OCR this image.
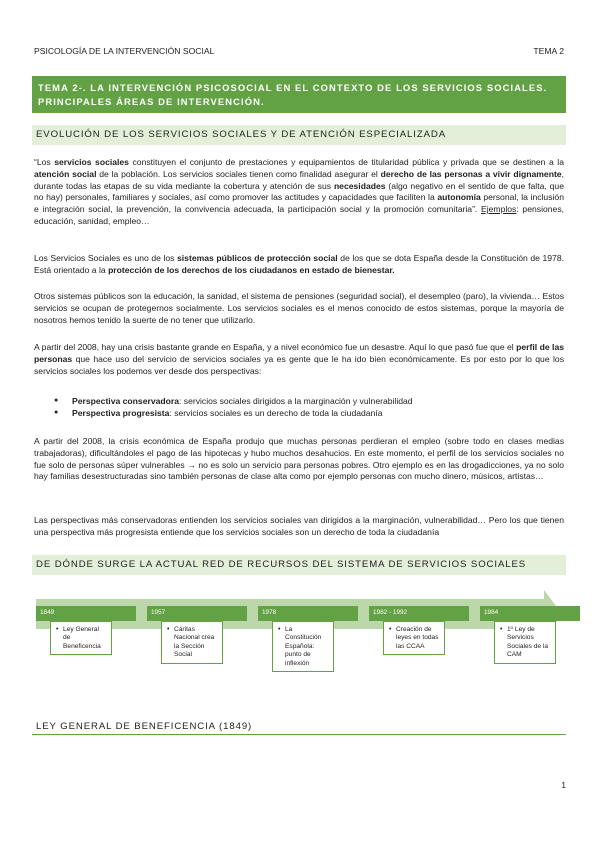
PSICOLOGÍA DE LA INTERVENCIÓN SOCIAL	TEMA 2
TEMA 2-. LA INTERVENCIÓN PSICOSOCIAL EN EL CONTEXTO DE LOS SERVICIOS SOCIALES.
PRINCIPALES ÁREAS DE INTERVENCIÓN.
EVOLUCIÓN DE LOS SERVICIOS SOCIALES Y DE ATENCIÓN ESPECIALIZADA

“Los servicios sociales constituyen el conjunto de prestaciones y equipamientos de titularidad pública y privada que se destinen a la atención social de la población. Los servicios sociales tienen como finalidad asegurar el derecho de las personas a vivir dignamente, durante todas las etapas de su vida mediante la cobertura y atención de sus necesidades (algo negativo en el sentido de que falta, que no hay) personales, familiares y sociales, así como promover las actitudes y capacidades que faciliten la autonomía personal, la inclusión e integración social, la prevención, la convivencia adecuada, la participación social y la promoción comunitaria”. Ejemplos: pensiones, educación, sanidad, empleo…

Los Servicios Sociales es uno de los sistemas públicos de protección social de los que se dota España desde la Constitución de 1978. Está orientado a la protección de los derechos de los ciudadanos en estado de bienestar.

Otros sistemas públicos son la educación, la sanidad, el sistema de pensiones (seguridad social), el desempleo (paro), la vivienda… Estos servicios se ocupan de protegernos socialmente. Los servicios sociales es el menos conocido de estos sistemas, porque la mayoría de nosotros hemos tenido la suerte de no tener que utilizarlo.

A partir del 2008, hay una crisis bastante grande en España, y a nivel económico fue un desastre. Aquí lo que pasó fue que el perfil de las personas que hace uso del servicio de servicios sociales ya es gente que le ha ido bien económicamente. Es por esto por lo que los servicios sociales los podemos ver desde dos perspectivas:

● Perspectiva conservadora: servicios sociales dirigidos a la marginación y vulnerabilidad
● Perspectiva progresista: servicios sociales es un derecho de toda la ciudadanía

A partir del 2008, la crisis económica de España produjo que muchas personas perdieran el empleo (sobre todo en clases medias trabajadoras), dificultándoles el pago de las hipotecas y hubo muchos desahucios. En este momento, el perfil de los servicios sociales no fue solo de personas súper vulnerables → no es solo un servicio para personas pobres. Otro ejemplo es en las drogadicciones, ya no solo hay familias desestructuradas sino también personas de clase alta como por ejemplo personas con mucho dinero, músicos, artistas…

Las perspectivas más conservadoras entienden los servicios sociales van dirigidos a la marginación, vulnerabilidad… Pero los que tienen una perspectiva más progresista entiende que los servicios sociales son un derecho de toda la ciudadanía

DE DÓNDE SURGE LA ACTUAL RED DE RECURSOS DEL SISTEMA DE SERVICIOS SOCIALES
1849
• Ley General de Beneficencia
1957
• Cáritas Nacional crea la Sección Social
1978
• La Constitución Española: punto de inflexión
1982 - 1992
• Creación de leyes en todas las CCAA
1984
• 1º Ley de Servicios Sociales de la CAM
LEY GENERAL DE BENEFICENCIA (1849)
1
